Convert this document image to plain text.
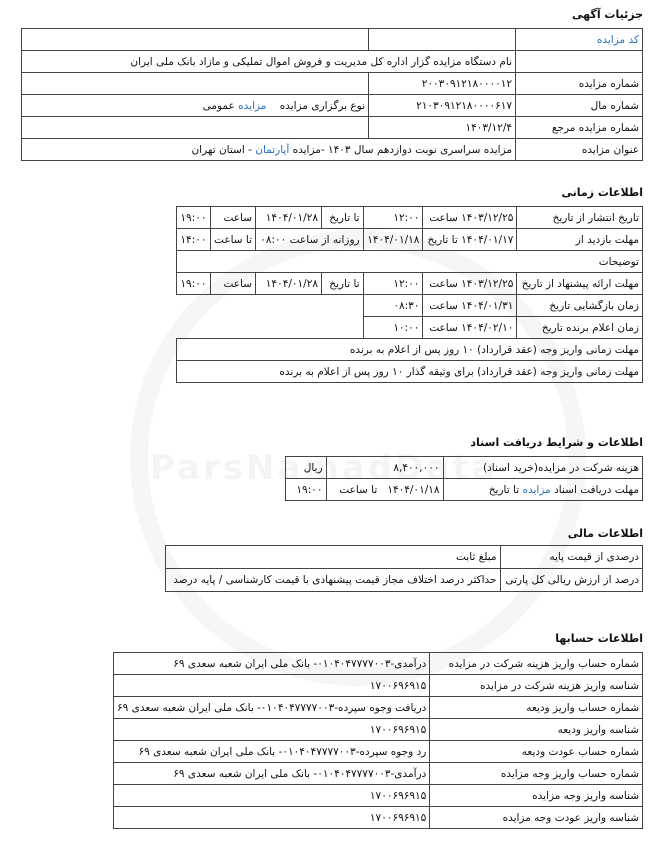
جزئیات آگهی
کد مزایده		
	نام دستگاه مزایده گزار اداره کل مدیریت و فروش اموال تملیکی و مازاد بانک ملی ایران	
شماره مزایده	۲۰۰۳۰۹۱۲۱۸۰۰۰۰۱۲	
شماره مال	۲۱۰۳۰۹۱۲۱۸۰۰۰۰۶۱۷	نوع برگزاری مزایده    مزایده عمومی
شماره مزایده مرجع	۱۴۰۳/۱۲/۴	
عنوان مزایده	مزایده سراسری نوبت دوازدهم سال ۱۴۰۳ -مزایده آپارتمان - استان تهران	
اطلاعات زمانی
تاریخ انتشار از تاریخ	۱۴۰۳/۱۲/۲۵ ساعت	۱۲:۰۰	تا تاریخ	۱۴۰۴/۰۱/۲۸	ساعت	۱۹:۰۰
مهلت بازدید از	۱۴۰۴/۰۱/۱۷ تا تاریخ	۱۴۰۴/۰۱/۱۸	روزانه از ساعت ۰۸:۰۰		تا ساعت	۱۴:۰۰
توضیحات						
مهلت ارائه پیشنهاد از تاریخ	۱۴۰۳/۱۲/۲۵ ساعت	۱۲:۰۰	تا تاریخ	۱۴۰۴/۰۱/۲۸	ساعت	۱۹:۰۰
زمان بازگشایی تاریخ	۱۴۰۴/۰۱/۳۱ ساعت	۰۸:۳۰				
زمان اعلام برنده تاریخ	۱۴۰۴/۰۲/۱۰ ساعت	۱۰:۰۰				
مهلت زمانی واریز وجه (عقد قرارداد) ۱۰ روز پس از اعلام به برنده						
مهلت زمانی واریز وجه (عقد قرارداد) برای وثیقه گذار ۱۰ روز پس از اعلام به برنده						
اطلاعات و شرایط دریافت اسناد
هزینه شرکت در مزایده(خرید اسناد)	۸,۴۰۰,۰۰۰	ریال
مهلت دریافت اسناد مزایده تا تاریخ	۱۴۰۴/۰۱/۱۸   تا ساعت	۱۹:۰۰
اطلاعات مالی
درصدی از قیمت پایه	مبلغ ثابت
درصد از ارزش ریالی کل پارتی	حداکثر درصد اختلاف مجاز قیمت پیشنهادی با قیمت کارشناسی / پایه درصد
اطلاعات حسابها
شماره حساب واریز هزینه شرکت در مزایده	درآمدی-۰۱۰۴۰۴۷۷۷۷۰۰۳- بانک ملی ایران شعبه سعدی ۶۹
شناسه واریز هزینه شرکت در مزایده	۱۷۰۰۶۹۶۹۱۵
شماره حساب واریز ودیعه	دریافت وجوه سپرده-۰۱۰۴۰۴۷۷۷۷۰۰۳- بانک ملی ایران شعبه سعدی ۶۹
شناسه واریز ودیعه	۱۷۰۰۶۹۶۹۱۵
شماره حساب عودت ودیعه	رد وجوه سپرده-۰۱۰۴۰۴۷۷۷۷۰۰۳- بانک ملی ایران شعبه سعدی ۶۹
شماره حساب واریز وجه مزایده	درآمدی-۰۱۰۴۰۴۷۷۷۷۰۰۳- بانک ملی ایران شعبه سعدی ۶۹
شناسه واریز وجه مزایده	۱۷۰۰۶۹۶۹۱۵
شناسه واریز عودت وجه مزایده	۱۷۰۰۶۹۶۹۱۵
